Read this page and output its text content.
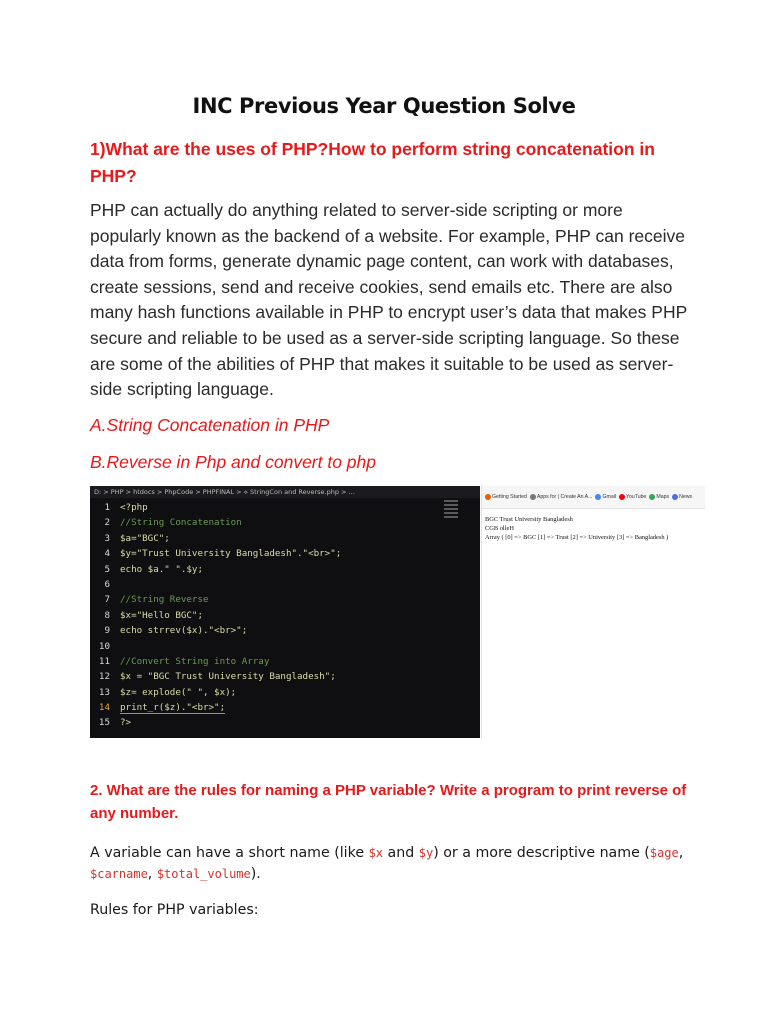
INC Previous Year Question Solve
1)What are the uses of PHP?How to perform string concatenation in PHP?
PHP can actually do anything related to server-side scripting or more popularly known as the backend of a website. For example, PHP can receive data from forms, generate dynamic page content, can work with databases, create sessions, send and receive cookies, send emails etc. There are also many hash functions available in PHP to encrypt user’s data that makes PHP secure and reliable to be used as a server-side scripting language. So these are some of the abilities of PHP that makes it suitable to be used as server-side scripting language.
A.String Concatenation in PHP
B.Reverse in Php and convert to php
D: > PHP > htdocs > PhpCode > PHPFINAL > ⟡ StringCon and Reverse.php > ...
1 <?php
2 //String Concatenation
3 $a="BGC";
4 $y="Trust University Bangladesh"."<br>";
5 echo $a." ".$y;
6
7 //String Reverse
8 $x="Hello BGC";
9 echo strrev($x)."<br>";
10
11 //Convert String into Array
12 $x = "BGC Trust University Bangladesh";
13 $z= explode(" ", $x);
14 print_r($z)."<br>";
15 ?>
Getting Started Apps for | Create An A... Gmail YouTube Maps News
BGC Trust University Bangladesh
CGB olleH
Array ( [0] => BGC [1] => Trust [2] => University [3] => Bangladesh )
2. What are the rules for naming a PHP variable? Write a program to print reverse of any number.
A variable can have a short name (like $x and $y) or a more descriptive name ($age, $carname, $total_volume).
Rules for PHP variables:
